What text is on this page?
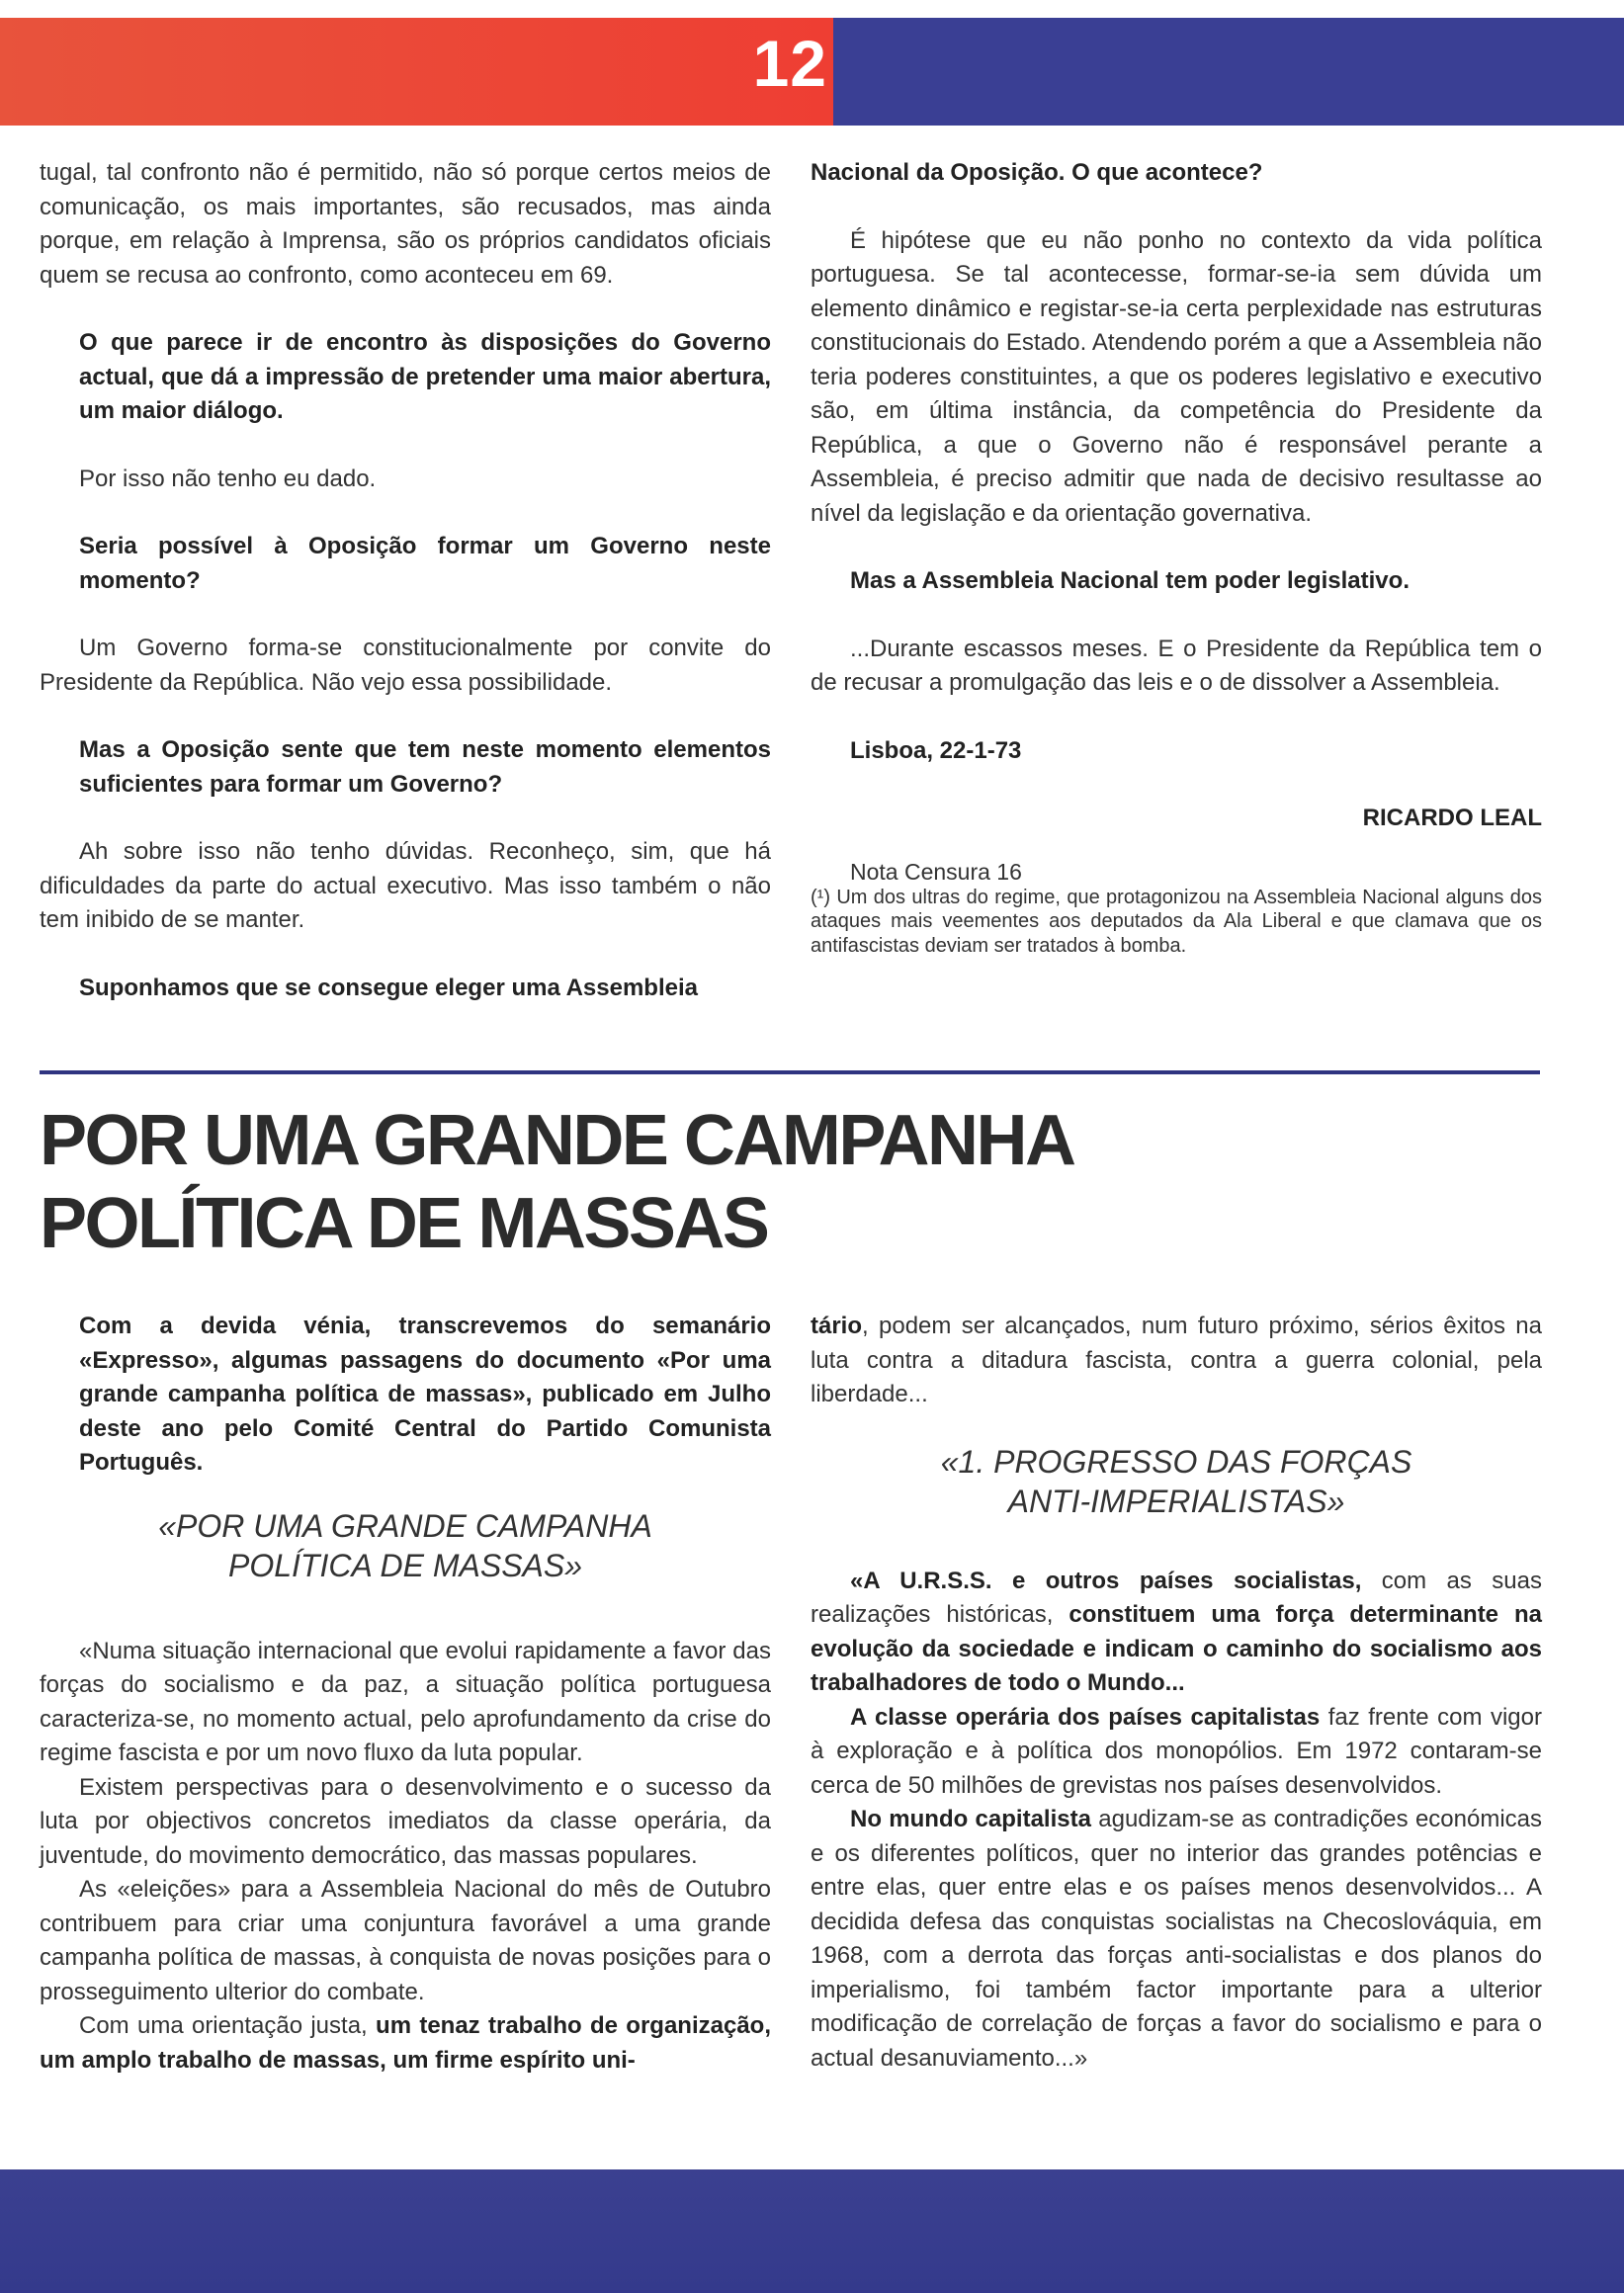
12

tugal, tal confronto não é permitido, não só porque certos meios de comunicação, os mais importantes, são recusados, mas ainda porque, em relação à Imprensa, são os próprios candidatos oficiais quem se recusa ao confronto, como aconteceu em 69.

O que parece ir de encontro às disposições do Governo actual, que dá a impressão de pretender uma maior abertura, um maior diálogo.

Por isso não tenho eu dado.

Seria possível à Oposição formar um Governo neste momento?

Um Governo forma-se constitucionalmente por convite do Presidente da República. Não vejo essa possibilidade.

Mas a Oposição sente que tem neste momento elementos suficientes para formar um Governo?

Ah sobre isso não tenho dúvidas. Reconheço, sim, que há dificuldades da parte do actual executivo. Mas isso também o não tem inibido de se manter.

Suponhamos que se consegue eleger uma Assembleia

Nacional da Oposição. O que acontece?

É hipótese que eu não ponho no contexto da vida política portuguesa. Se tal acontecesse, formar-se-ia sem dúvida um elemento dinâmico e registar-se-ia certa perplexidade nas estruturas constitucionais do Estado. Atendendo porém a que a Assembleia não teria poderes constituintes, a que os poderes legislativo e executivo são, em última instância, da competência do Presidente da República, a que o Governo não é responsável perante a Assembleia, é preciso admitir que nada de decisivo resultasse ao nível da legislação e da orientação governativa.

Mas a Assembleia Nacional tem poder legislativo.

...Durante escassos meses. E o Presidente da República tem o de recusar a promulgação das leis e o de dissolver a Assembleia.

Lisboa, 22-1-73

RICARDO LEAL

Nota Censura 16

(¹) Um dos ultras do regime, que protagonizou na Assembleia Nacional alguns dos ataques mais veementes aos deputados da Ala Liberal e que clamava que os antifascistas deviam ser tratados à bomba.

POR UMA GRANDE CAMPANHA
POLÍTICA DE MASSAS

Com a devida vénia, transcrevemos do semanário «Expresso», algumas passagens do documento «Por uma grande campanha política de massas», publicado em Julho deste ano pelo Comité Central do Partido Comunista Português.

«POR UMA GRANDE CAMPANHA
POLÍTICA DE MASSAS»

«Numa situação internacional que evolui rapidamente a favor das forças do socialismo e da paz, a situação política portuguesa caracteriza-se, no momento actual, pelo aprofundamento da crise do regime fascista e por um novo fluxo da luta popular.

Existem perspectivas para o desenvolvimento e o sucesso da luta por objectivos concretos imediatos da classe operária, da juventude, do movimento democrático, das massas populares.

As «eleições» para a Assembleia Nacional do mês de Outubro contribuem para criar uma conjuntura favorável a uma grande campanha política de massas, à conquista de novas posições para o prosseguimento ulterior do combate.

Com uma orientação justa, um tenaz trabalho de organização, um amplo trabalho de massas, um firme espírito uni-

tário, podem ser alcançados, num futuro próximo, sérios êxitos na luta contra a ditadura fascista, contra a guerra colonial, pela liberdade...

«1. PROGRESSO DAS FORÇAS
ANTI-IMPERIALISTAS»

«A U.R.S.S. e outros países socialistas, com as suas realizações históricas, constituem uma força determinante na evolução da sociedade e indicam o caminho do socialismo aos trabalhadores de todo o Mundo...

A classe operária dos países capitalistas faz frente com vigor à exploração e à política dos monopólios. Em 1972 contaram-se cerca de 50 milhões de grevistas nos países desenvolvidos.

No mundo capitalista agudizam-se as contradições económicas e os diferentes políticos, quer no interior das grandes potências e entre elas, quer entre elas e os países menos desenvolvidos... A decidida defesa das conquistas socialistas na Checoslováquia, em 1968, com a derrota das forças anti-socialistas e dos planos do imperialismo, foi também factor importante para a ulterior modificação de correlação de forças a favor do socialismo e para o actual desanuviamento...»
